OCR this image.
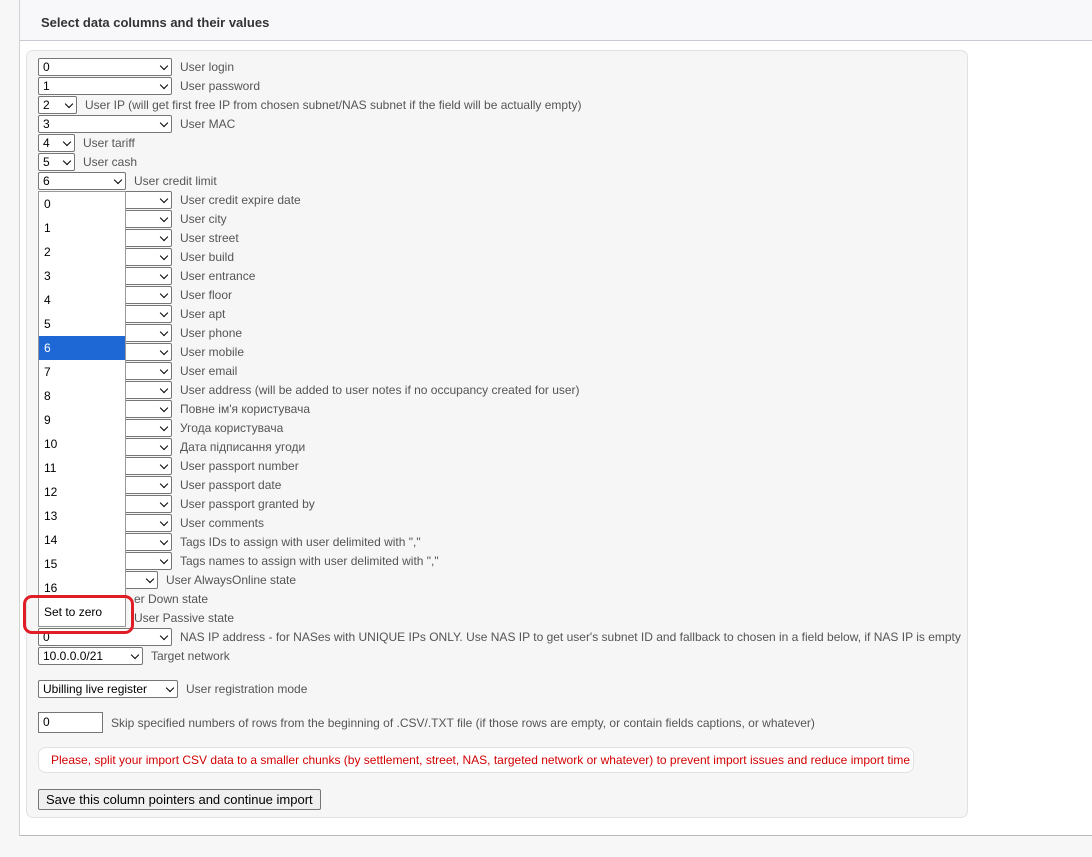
Select data columns and their values
0	User login
1	User password
2	User IP (will get first free IP from chosen subnet/NAS subnet if the field will be actually empty)
3	User MAC
4	User tariff
5	User cash
6	User credit limit
User credit expire date
User city
User street
User build
User entrance
User floor
User apt
User phone
User mobile
User email
User address (will be added to user notes if no occupancy created for user)
Повне ім'я користувача
Угода користувача
Дата підписання угоди
User passport number
User passport date
User passport granted by
User comments
Tags IDs to assign with user delimited with ","
Tags names to assign with user delimited with ","
User AlwaysOnline state
er Down state
User Passive state
0	NAS IP address - for NASes with UNIQUE IPs ONLY. Use NAS IP to get user's subnet ID and fallback to chosen in a field below, if NAS IP is empty
10.0.0.0/21	Target network
Ubilling live register	User registration mode
0	Skip specified numbers of rows from the beginning of .CSV/.TXT file (if those rows are empty, or contain fields captions, or whatever)
Please, split your import CSV data to a smaller chunks (by settlement, street, NAS, targeted network or whatever) to prevent import issues and reduce import time
Save this column pointers and continue import
0
1
2
3
4
5
6
7
8
9
10
11
12
13
14
15
16
Set to zero
